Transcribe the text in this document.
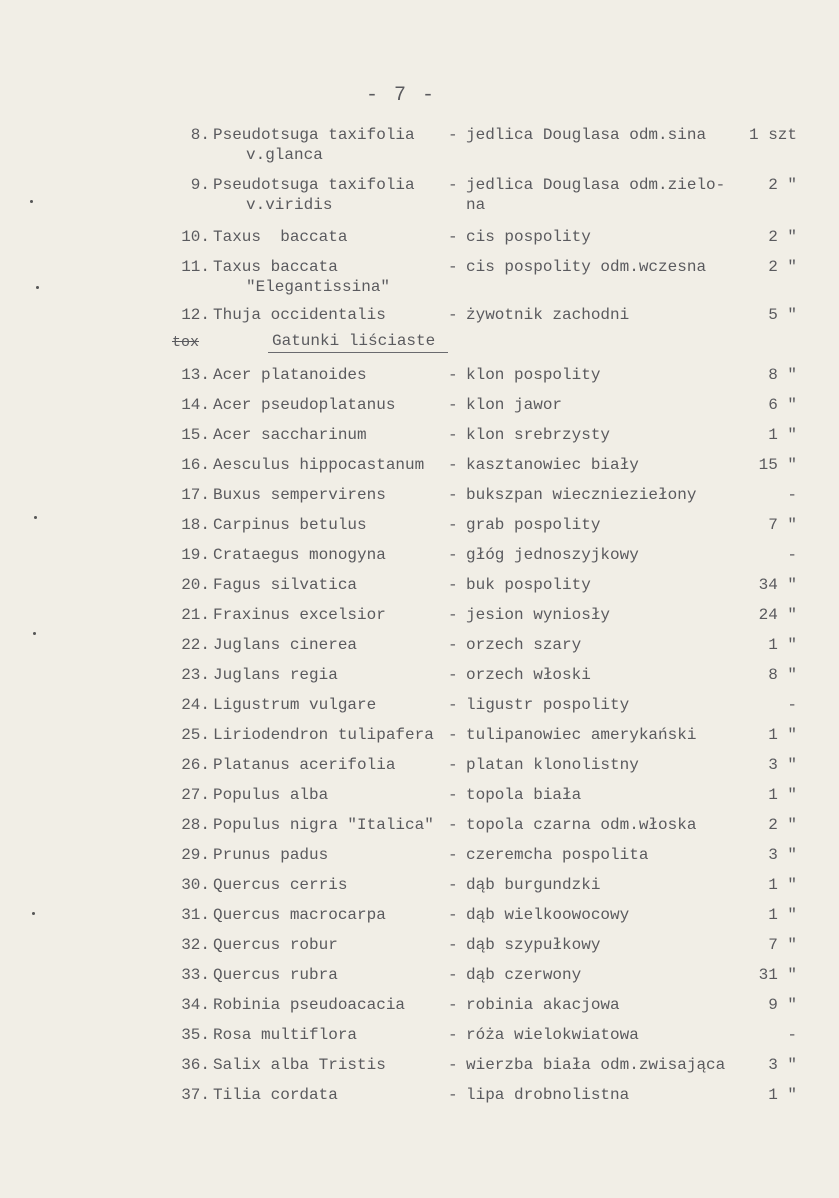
- 7 -
tox	Gatunki liściaste
8. Pseudotsuga taxifolia - jedlica Douglasa odm.sina	1 szt
v.glanca
9. Pseudotsuga taxifolia - jedlica Douglasa odm.zielo-	2 "
v.viridis	na
10. Taxus  baccata	- cis pospolity	2 "
11. Taxus baccata	- cis pospolity odm.wczesna	2 "
"Elegantissina"
12. Thuja occidentalis	- żywotnik zachodni	5 "
13. Acer platanoides	- klon pospolity	8 "
14. Acer pseudoplatanus	- klon jawor	6 "
15. Acer saccharinum	- klon srebrzysty	1 "
16. Aesculus hippocastanum - kasztanowiec biały	15 "
17. Buxus sempervirens	- bukszpan wiecznieziełony	-
18. Carpinus betulus	- grab pospolity	7 "
19. Crataegus monogyna	- głóg jednoszyjkowy	-
20. Fagus silvatica	- buk pospolity	34 "
21. Fraxinus excelsior	- jesion wyniosły	24 "
22. Juglans cinerea	- orzech szary	1 "
23. Juglans regia	- orzech włoski	8 "
24. Ligustrum vulgare	- ligustr pospolity	-
25. Liriodendron tulipafera - tulipanowiec amerykański	1 "
26. Platanus acerifolia	- platan klonolistny	3 "
27. Populus alba	- topola biała	1 "
28. Populus nigra "Italica" - topola czarna odm.włoska	2 "
29. Prunus padus	- czeremcha pospolita	3 "
30. Quercus cerris	- dąb burgundzki	1 "
31. Quercus macrocarpa	- dąb wielkoowocowy	1 "
32. Quercus robur	- dąb szypułkowy	7 "
33. Quercus rubra	- dąb czerwony	31 "
34. Robinia pseudoacacia	- robinia akacjowa	9 "
35. Rosa multiflora	- róża wielokwiatowa	-
36. Salix alba Tristis	- wierzba biała odm.zwisająca	3 "
37. Tilia cordata	- lipa drobnolistna	1 "
